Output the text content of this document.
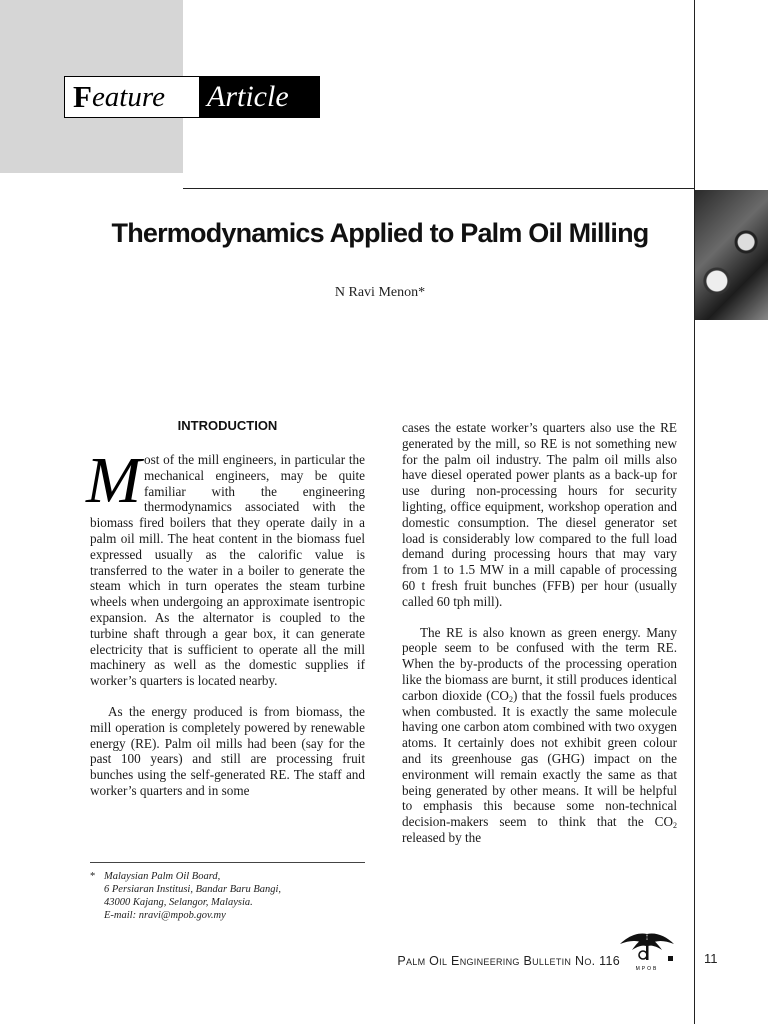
F eature Article
Thermodynamics Applied to Palm Oil Milling
N Ravi Menon*
INTRODUCTION

Most of the mill engineers, in particular the mechanical engineers, may be quite familiar with the engineering thermodynamics associated with the biomass fired boilers that they operate daily in a palm oil mill. The heat content in the biomass fuel expressed usually as the calorific value is transferred to the water in a boiler to generate the steam which in turn operates the steam turbine wheels when undergoing an approximate isentropic expansion. As the alternator is coupled to the turbine shaft through a gear box, it can generate electricity that is sufficient to operate all the mill machinery as well as the domestic supplies if worker’s quarters is located nearby.

As the energy produced is from biomass, the mill operation is completely powered by renewable energy (RE). Palm oil mills had been (say for the past 100 years) and still are processing fruit bunches using the self-generated RE. The staff and worker’s quarters and in some

cases the estate worker’s quarters also use the RE generated by the mill, so RE is not something new for the palm oil industry. The palm oil mills also have diesel operated power plants as a back-up for use during non-processing hours for security lighting, office equipment, workshop operation and domestic consumption. The diesel generator set load is considerably low compared to the full load demand during processing hours that may vary from 1 to 1.5 MW in a mill capable of processing 60 t fresh fruit bunches (FFB) per hour (usually called 60 tph mill).

The RE is also known as green energy. Many people seem to be confused with the term RE. When the by-products of the processing operation like the biomass are burnt, it still produces identical carbon dioxide $(CO_2)$ that the fossil fuels produces when combusted. It is exactly the same molecule having one carbon atom combined with two oxygen atoms. It certainly does not exhibit green colour and its greenhouse gas (GHG) impact on the environment will remain exactly the same as that being generated by other means. It will be helpful to emphasis this because some non-technical decision-makers seem to think that the $CO_2$ released by the

* Malaysian Palm Oil Board,
6 Persiaran Institusi, Bandar Baru Bangi,
43000 Kajang, Selangor, Malaysia.
E-mail: nravi@mpob.gov.my
Palm Oil Engineering Bulletin No. 116
MPOB
11
